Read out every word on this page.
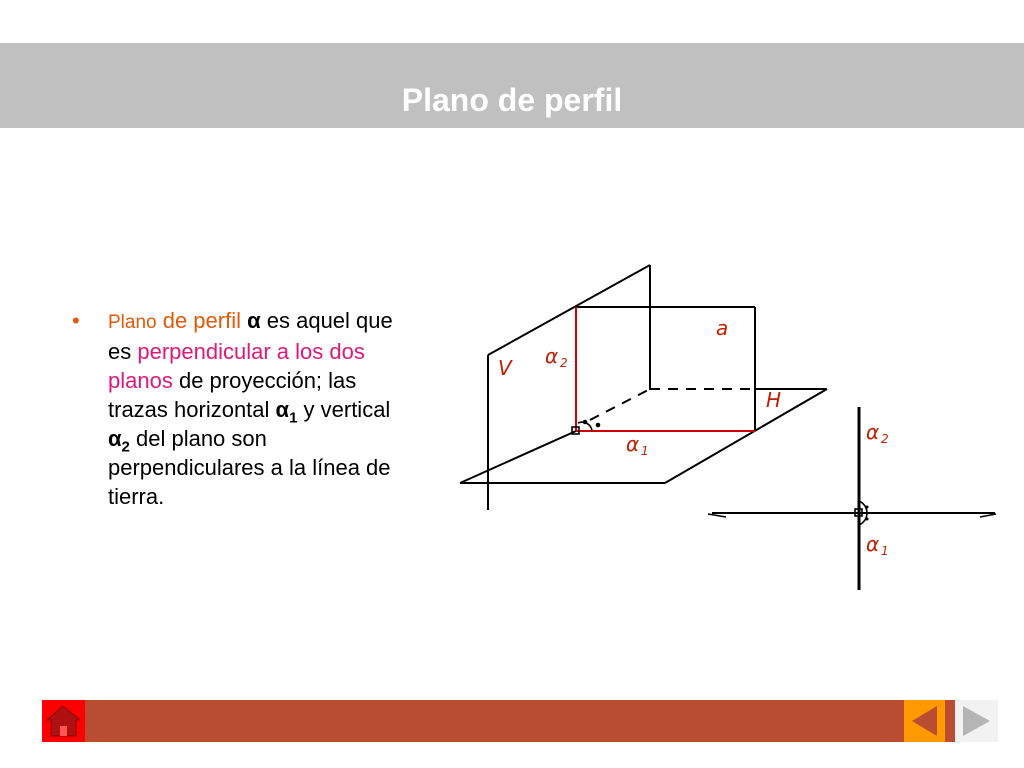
Plano de perfil
• Plano de perfil α es aquel que es perpendicular a los dos planos de proyección; las trazas horizontal $\alpha_1$ y vertical $\alpha_2$ del plano son perpendiculares a la línea de tierra.

V
a
H
α 2
α 1
α 2
α 1
